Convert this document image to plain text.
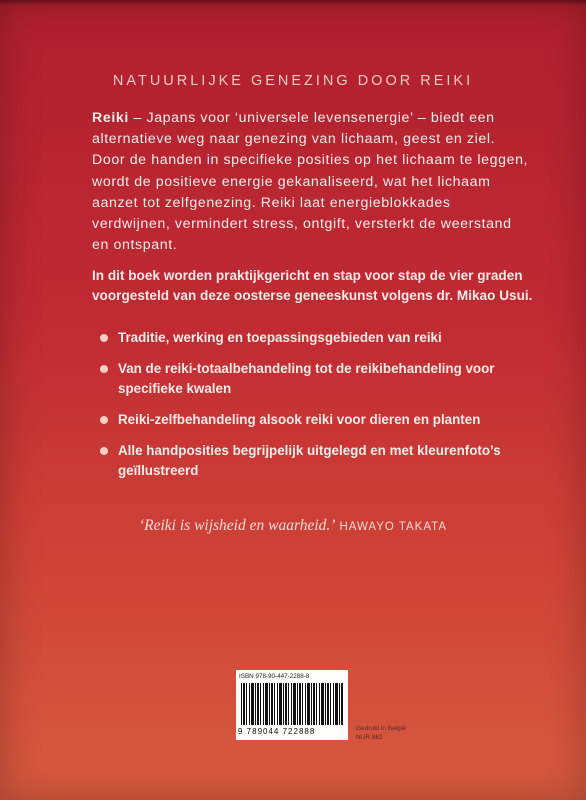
NATUURLIJKE GENEZING DOOR REIKI

Reiki – Japans voor ‘universele levensenergie’ – biedt een alternatieve weg naar genezing van lichaam, geest en ziel. Door de handen in specifieke posities op het lichaam te leggen, wordt de positieve energie gekanaliseerd, wat het lichaam aanzet tot zelfgenezing. Reiki laat energieblokkades verdwijnen, vermindert stress, ontgift, versterkt de weerstand en ontspant.

In dit boek worden praktijkgericht en stap voor stap de vier graden voorgesteld van deze oosterse geneeskunst volgens dr. Mikao Usui.

Traditie, werking en toepassingsgebieden van reiki
Van de reiki-totaalbehandeling tot de reikibehandeling voor specifieke kwalen
Reiki-zelfbehandeling alsook reiki voor dieren en planten
Alle handposities begrijpelijk uitgelegd en met kleurenfoto’s geïllustreerd
‘Reiki is wijsheid en waarheid.’ HAWAYO TAKATA
ISBN 978-90-447-2288-8
9 789044 722888	Gedrukt in België
NUR 861
